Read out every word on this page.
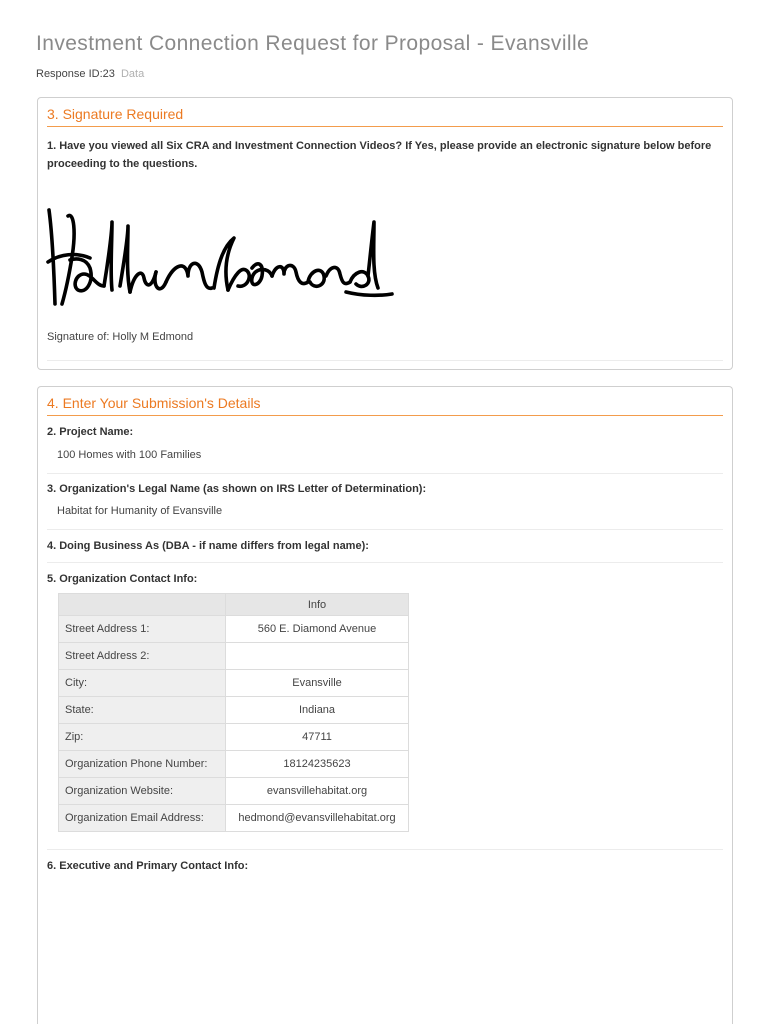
Investment Connection Request for Proposal - Evansville
Response ID:23 Data
3. Signature Required
1. Have you viewed all Six CRA and Investment Connection Videos? If Yes, please provide an electronic signature below before proceeding to the questions.
Signature of: Holly M Edmond
4. Enter Your Submission's Details
2. Project Name:
100 Homes with 100 Families
3. Organization's Legal Name (as shown on IRS Letter of Determination):
Habitat for Humanity of Evansville
4. Doing Business As (DBA - if name differs from legal name):
5. Organization Contact Info:
	Info
Street Address 1:	560 E. Diamond Avenue
Street Address 2:	
City:	Evansville
State:	Indiana
Zip:	47711
Organization Phone Number:	18124235623
Organization Website:	evansvillehabitat.org
Organization Email Address:	hedmond@evansvillehabitat.org
6. Executive and Primary Contact Info:
